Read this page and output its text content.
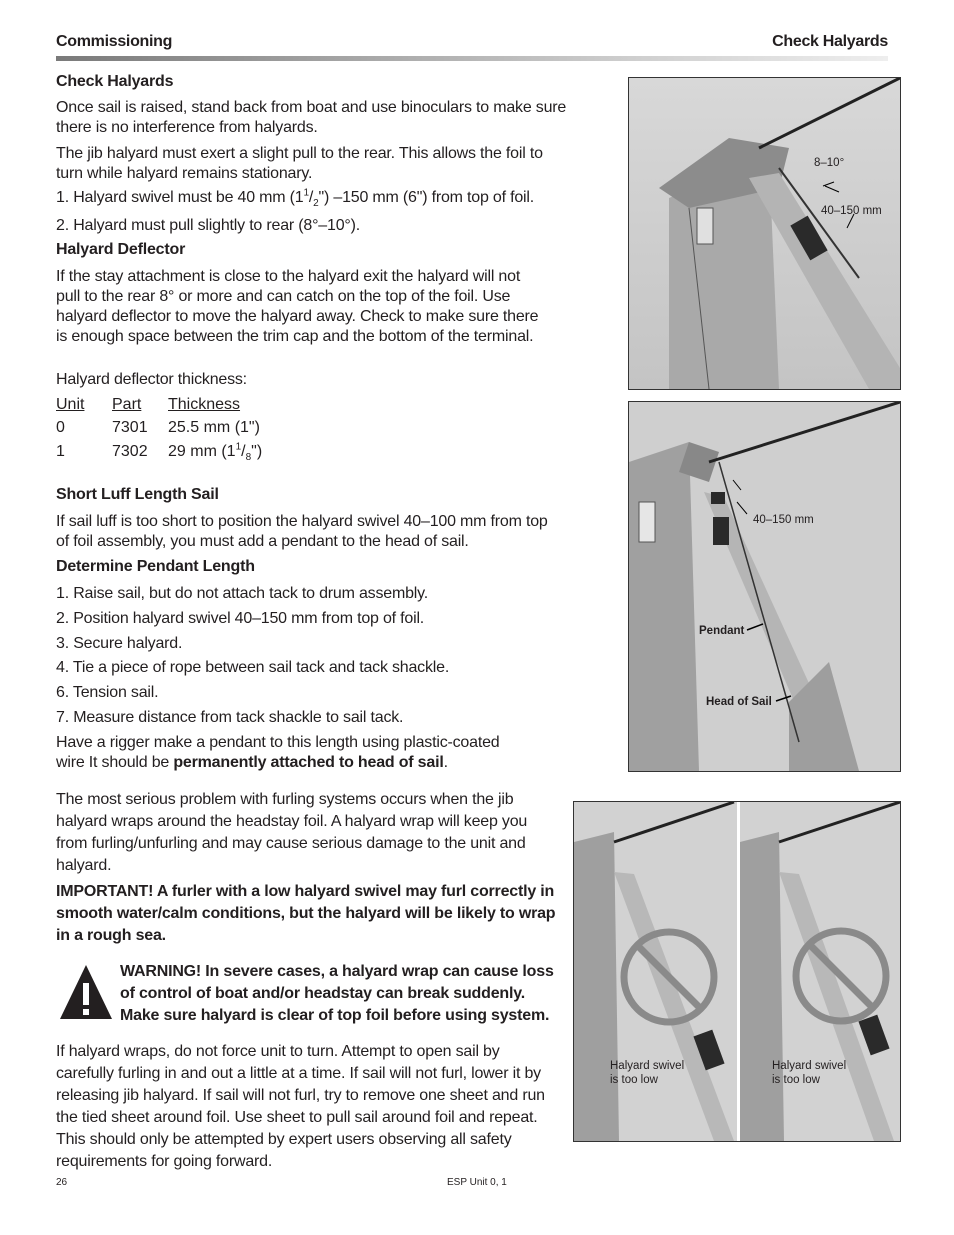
Commissioning	Check Halyards
Check Halyards

Once sail is raised, stand back from boat and use binoculars to make sure there is no interference from halyards.

The jib halyard must exert a slight pull to the rear. This allows the foil to turn while halyard remains stationary.

1. Halyard swivel must be 40 mm $(1^1/_2")$ –150 mm (6") from top of foil.

2. Halyard must pull slightly to rear (8°–10°).

Halyard Deflector

If the stay attachment is close to the halyard exit the halyard will not pull to the rear 8° or more and can catch on the top of the foil. Use halyard deflector to move the halyard away. Check to make sure there is enough space between the trim cap and the bottom of the terminal.

Halyard deflector thickness:

Unit	Part	Thickness
0	7301	25.5 mm (1")
1	7302	29 mm $(1^1/_8")$
Short Luff Length Sail

If sail luff is too short to position the halyard swivel 40–100 mm from top of foil assembly, you must add a pendant to the head of sail.

Determine Pendant Length

1. Raise sail, but do not attach tack to drum assembly.

2. Position halyard swivel 40–150 mm from top of foil.

3. Secure halyard.

4. Tie a piece of rope between sail tack and tack shackle.

6. Tension sail.

7. Measure distance from tack shackle to sail tack.

Have a rigger make a pendant to this length using plastic-coated wire It should be permanently attached to head of sail.

The most serious problem with furling systems occurs when the jib halyard wraps around the headstay foil. A halyard wrap will keep you from furling/unfurling and may cause serious damage to the unit and halyard.

IMPORTANT! A furler with a low halyard swivel may furl correctly in smooth water/calm conditions, but the halyard will be likely to wrap in a rough sea.

WARNING! In severe cases, a halyard wrap can cause loss of control of boat and/or headstay can break suddenly. Make sure halyard is clear of top foil before using system.

If halyard wraps, do not force unit to turn. Attempt to open sail by carefully furling in and out a little at a time. If sail will not furl, lower it by releasing jib halyard. If sail will not furl, try to remove one sheet and run the tied sheet around foil. Use sheet to pull sail around foil and repeat. This should only be attempted by expert users observing all safety requirements for going forward.

8–10°
40–150 mm
40–150 mm
Pendant
Head of Sail
Halyard swivel
is too low
Halyard swivel
is too low
26	ESP Unit 0, 1
